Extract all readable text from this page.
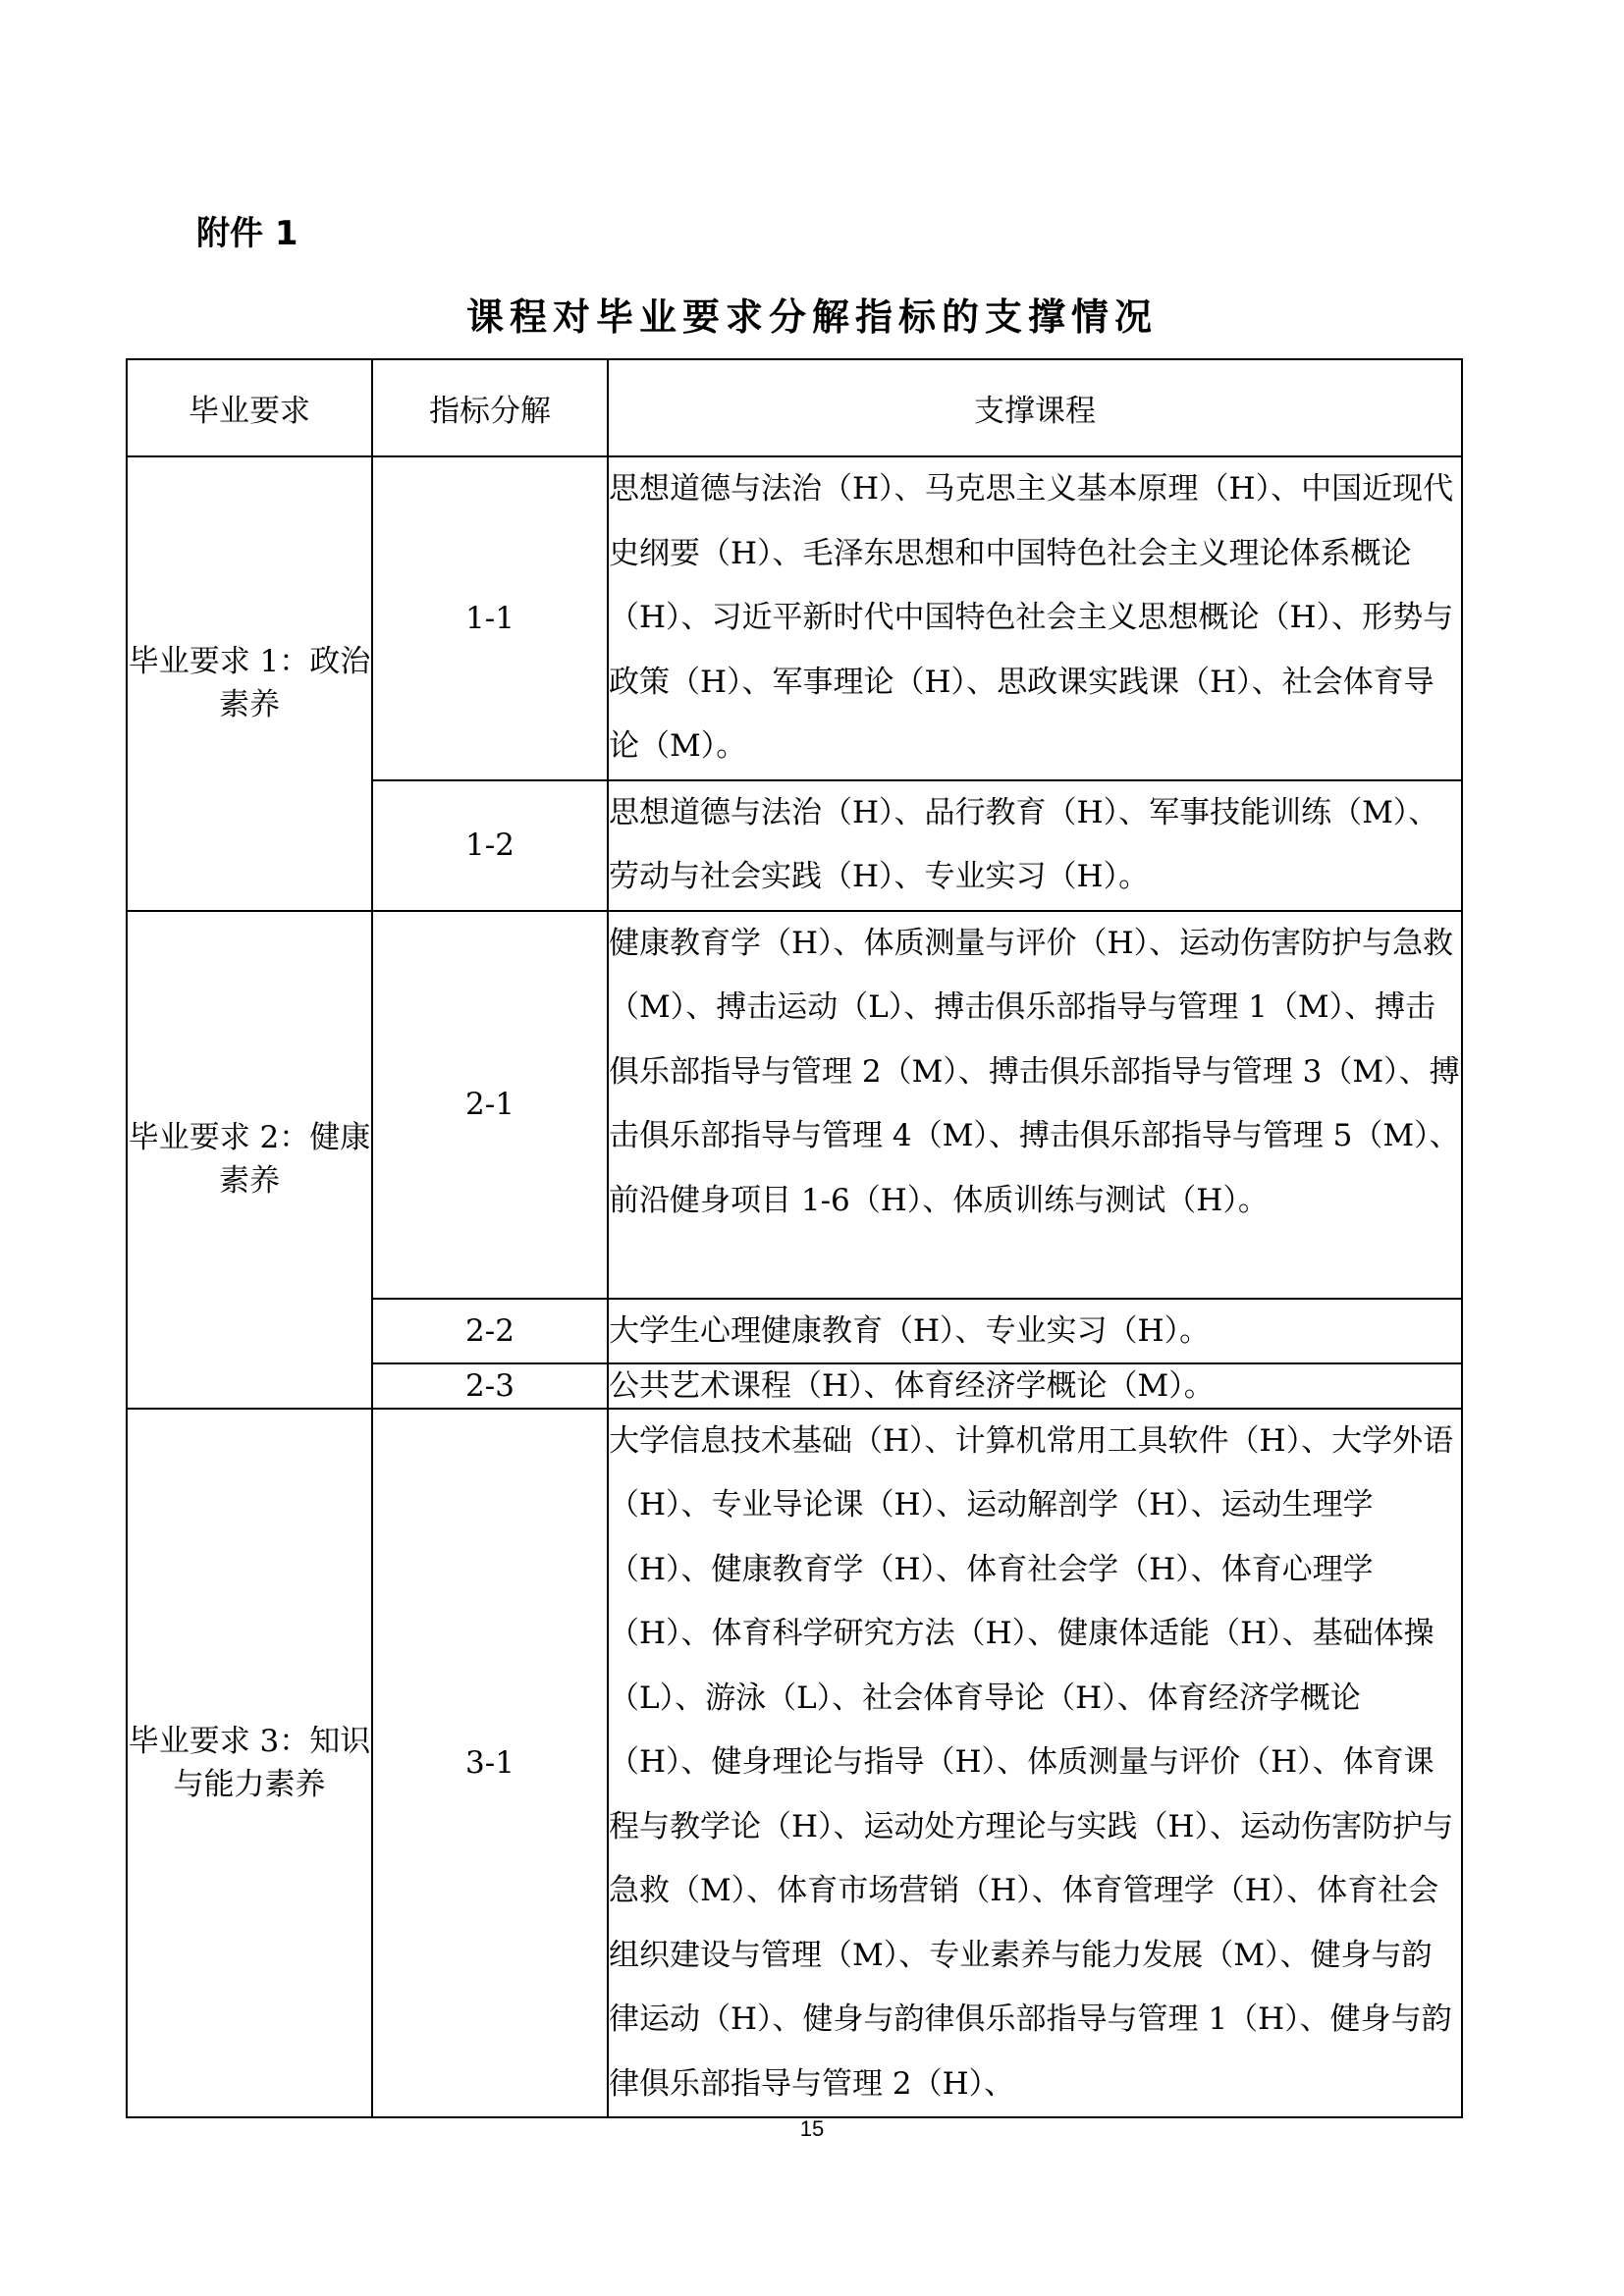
附件 1
课程对毕业要求分解指标的支撑情况
毕业要求	指标分解	支撑课程
毕业要求 1：政治素养	1-1	思想道德与法治（H）、马克思主义基本原理（H）、中国近现代史纲要（H）、毛泽东思想和中国特色社会主义理论体系概论（H）、习近平新时代中国特色社会主义思想概论（H）、形势与政策（H）、军事理论（H）、思政课实践课（H）、社会体育导论（M）。
	1-2	思想道德与法治（H）、品行教育（H）、军事技能训练（M）、劳动与社会实践（H）、专业实习（H）。
毕业要求 2：健康素养	2-1	健康教育学（H）、体质测量与评价（H）、运动伤害防护与急救（M）、搏击运动（L）、搏击俱乐部指导与管理 1（M）、搏击俱乐部指导与管理 2（M）、搏击俱乐部指导与管理 3（M）、搏击俱乐部指导与管理 4（M）、搏击俱乐部指导与管理 5（M）、前沿健身项目 1-6（H）、体质训练与测试（H）。
	2-2	大学生心理健康教育（H）、专业实习（H）。
	2-3	公共艺术课程（H）、体育经济学概论（M）。
毕业要求 3：知识与能力素养	3-1	大学信息技术基础（H）、计算机常用工具软件（H）、大学外语（H）、专业导论课（H）、运动解剖学（H）、运动生理学（H）、健康教育学（H）、体育社会学（H）、体育心理学（H）、体育科学研究方法（H）、健康体适能（H）、基础体操（L）、游泳（L）、社会体育导论（H）、体育经济学概论（H）、健身理论与指导（H）、体质测量与评价（H）、体育课程与教学论（H）、运动处方理论与实践（H）、运动伤害防护与急救（M）、体育市场营销（H）、体育管理学（H）、体育社会组织建设与管理（M）、专业素养与能力发展（M）、健身与韵律运动（H）、健身与韵律俱乐部指导与管理 1（H）、健身与韵律俱乐部指导与管理 2（H）、
15
